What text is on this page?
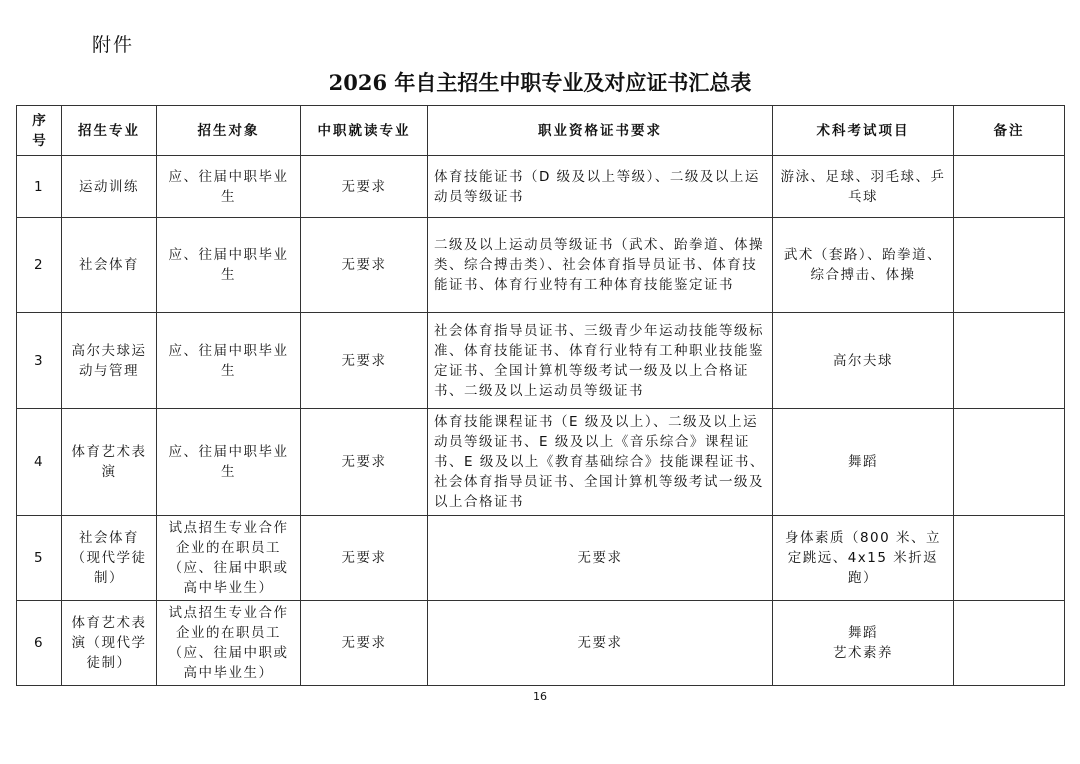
附件
2026 年自主招生中职专业及对应证书汇总表
序号	招生专业	招生对象	中职就读专业	职业资格证书要求	术科考试项目	备注
1	运动训练	应、往届中职毕业生	无要求	体育技能证书（D 级及以上等级）、二级及以上运动员等级证书	游泳、足球、羽毛球、乒乓球	
2	社会体育	应、往届中职毕业生	无要求	二级及以上运动员等级证书（武术、跆拳道、体操类、综合搏击类）、社会体育指导员证书、体育技能证书、体育行业特有工种体育技能鉴定证书	武术（套路）、跆拳道、综合搏击、体操	
3	高尔夫球运动与管理	应、往届中职毕业生	无要求	社会体育指导员证书、三级青少年运动技能等级标准、体育技能证书、体育行业特有工种职业技能鉴定证书、全国计算机等级考试一级及以上合格证书、二级及以上运动员等级证书	高尔夫球	
4	体育艺术表演	应、往届中职毕业生	无要求	体育技能课程证书（E 级及以上）、二级及以上运动员等级证书、E 级及以上《音乐综合》课程证书、E 级及以上《教育基础综合》技能课程证书、社会体育指导员证书、全国计算机等级考试一级及以上合格证书	舞蹈	
5	社会体育（现代学徒制）	试点招生专业合作企业的在职员工（应、往届中职或高中毕业生）	无要求	无要求	身体素质（800 米、立定跳远、4x15 米折返跑）	
6	体育艺术表演（现代学徒制）	试点招生专业合作企业的在职员工（应、往届中职或高中毕业生）	无要求	无要求	舞蹈
艺术素养	
16
